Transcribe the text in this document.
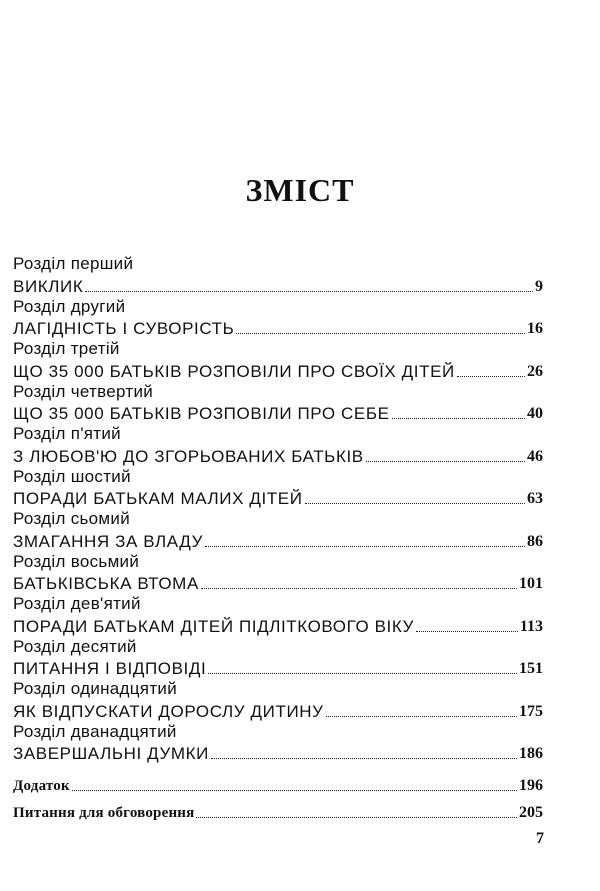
ЗМІСТ
Розділ перший
ВИКЛИК	9
Розділ другий
ЛАГІДНІСТЬ І СУВОРІСТЬ	16
Розділ третій
ЩО 35 000 БАТЬКІВ РОЗПОВІЛИ ПРО СВОЇХ ДІТЕЙ	26
Розділ четвертий
ЩО 35 000 БАТЬКІВ РОЗПОВІЛИ ПРО СЕБЕ	40
Розділ п'ятий
З ЛЮБОВ'Ю ДО ЗГОРЬОВАНИХ БАТЬКІВ	46
Розділ шостий
ПОРАДИ БАТЬКАМ МАЛИХ ДІТЕЙ	63
Розділ сьомий
ЗМАГАННЯ ЗА ВЛАДУ	86
Розділ восьмий
БАТЬКІВСЬКА ВТОМА	101
Розділ дев'ятий
ПОРАДИ БАТЬКАМ ДІТЕЙ ПІДЛІТКОВОГО ВІКУ	113
Розділ десятий
ПИТАННЯ І ВІДПОВІДІ	151
Розділ одинадцятий
ЯК ВІДПУСКАТИ ДОРОСЛУ ДИТИНУ	175
Розділ дванадцятий
ЗАВЕРШАЛЬНІ ДУМКИ	186
Додаток	196
Питання для обговорення	205
7
